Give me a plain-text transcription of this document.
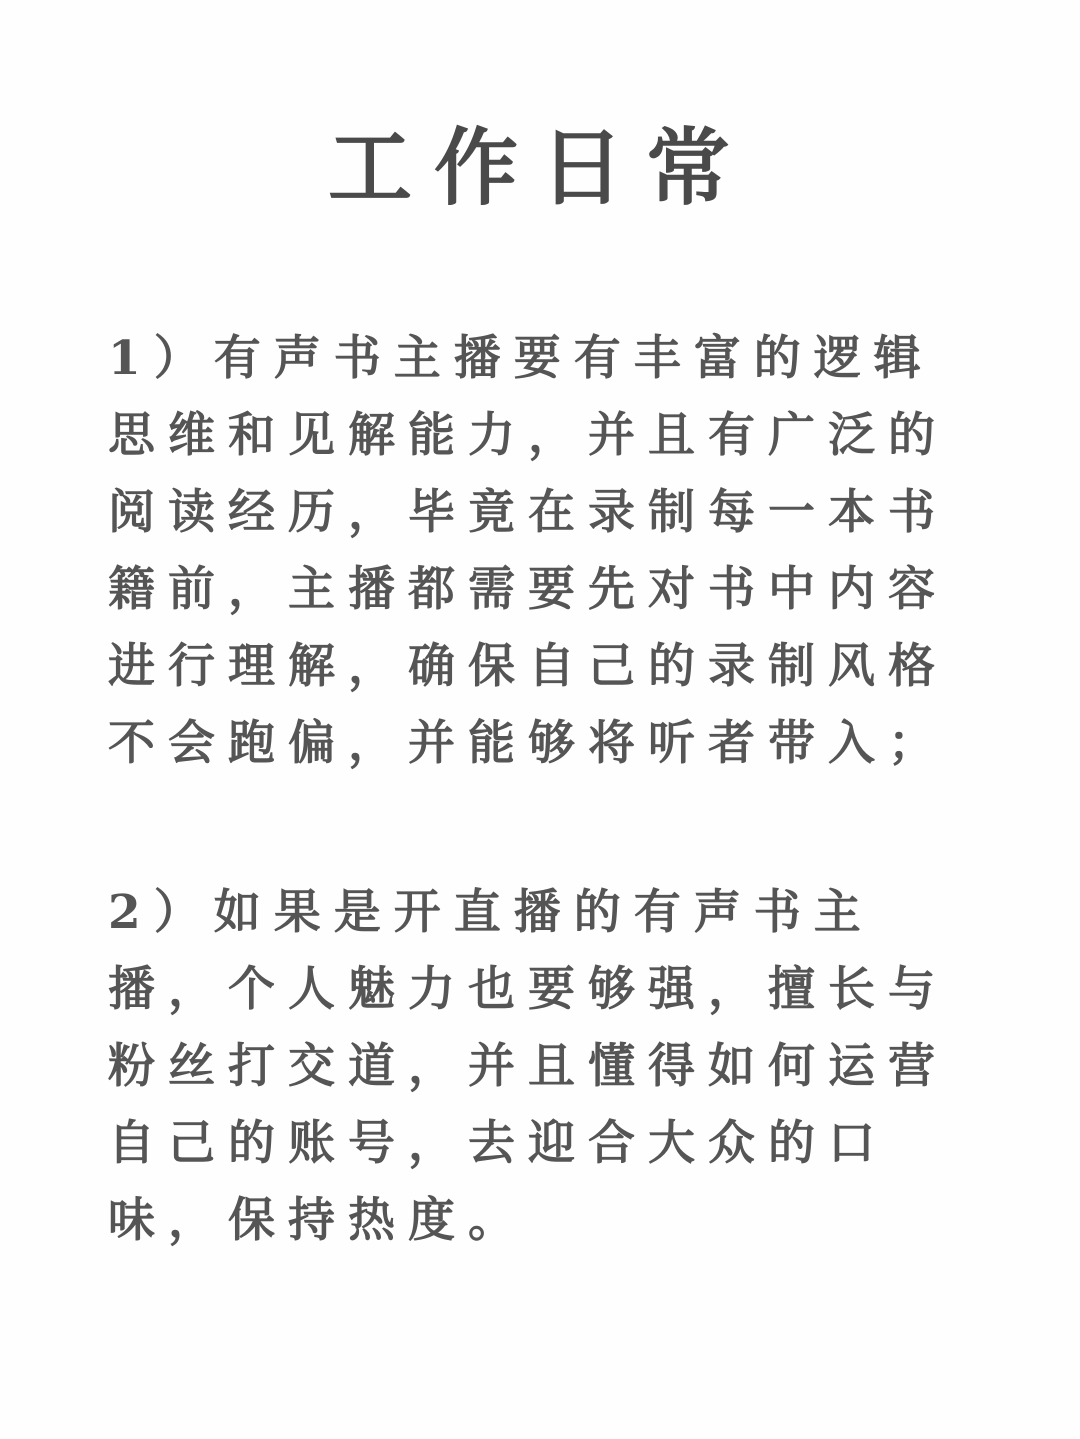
工作日常

1）有声书主播要有丰富的逻辑思维和见解能力，并且有广泛的阅读经历，毕竟在录制每一本书籍前，主播都需要先对书中内容进行理解，确保自己的录制风格不会跑偏，并能够将听者带入；

2）如果是开直播的有声书主播，个人魅力也要够强，擅长与粉丝打交道，并且懂得如何运营自己的账号，去迎合大众的口味，保持热度。
